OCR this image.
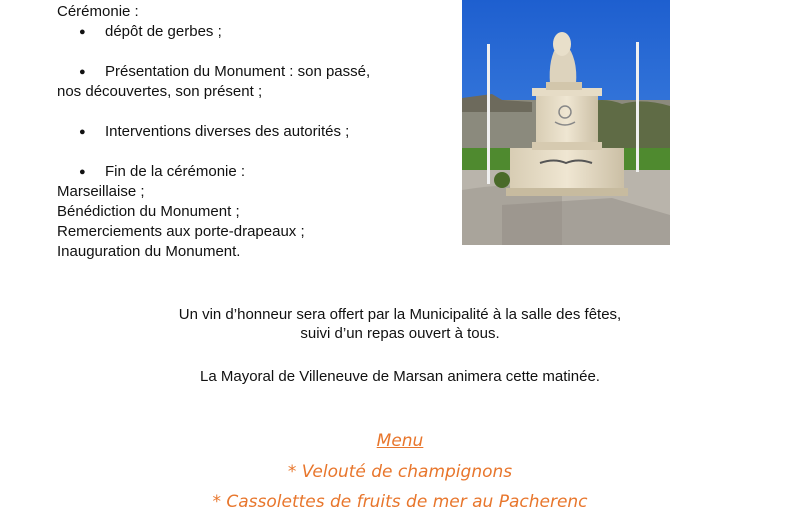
Cérémonie :
● dépôt de gerbes ;
● Présentation du Monument : son passé,
nos découvertes, son présent ;
● Interventions diverses des autorités ;
● Fin de la cérémonie :
Marseillaise ;
Bénédiction du Monument ;
Remerciements aux porte-drapeaux ;
Inauguration du Monument.
Un vin d’honneur sera offert par la Municipalité à la salle des fêtes,
suivi d’un repas ouvert à tous.
La Mayoral de Villeneuve de Marsan animera cette matinée.
Menu
* Velouté de champignons
* Cassolettes de fruits de mer au Pacherenc
